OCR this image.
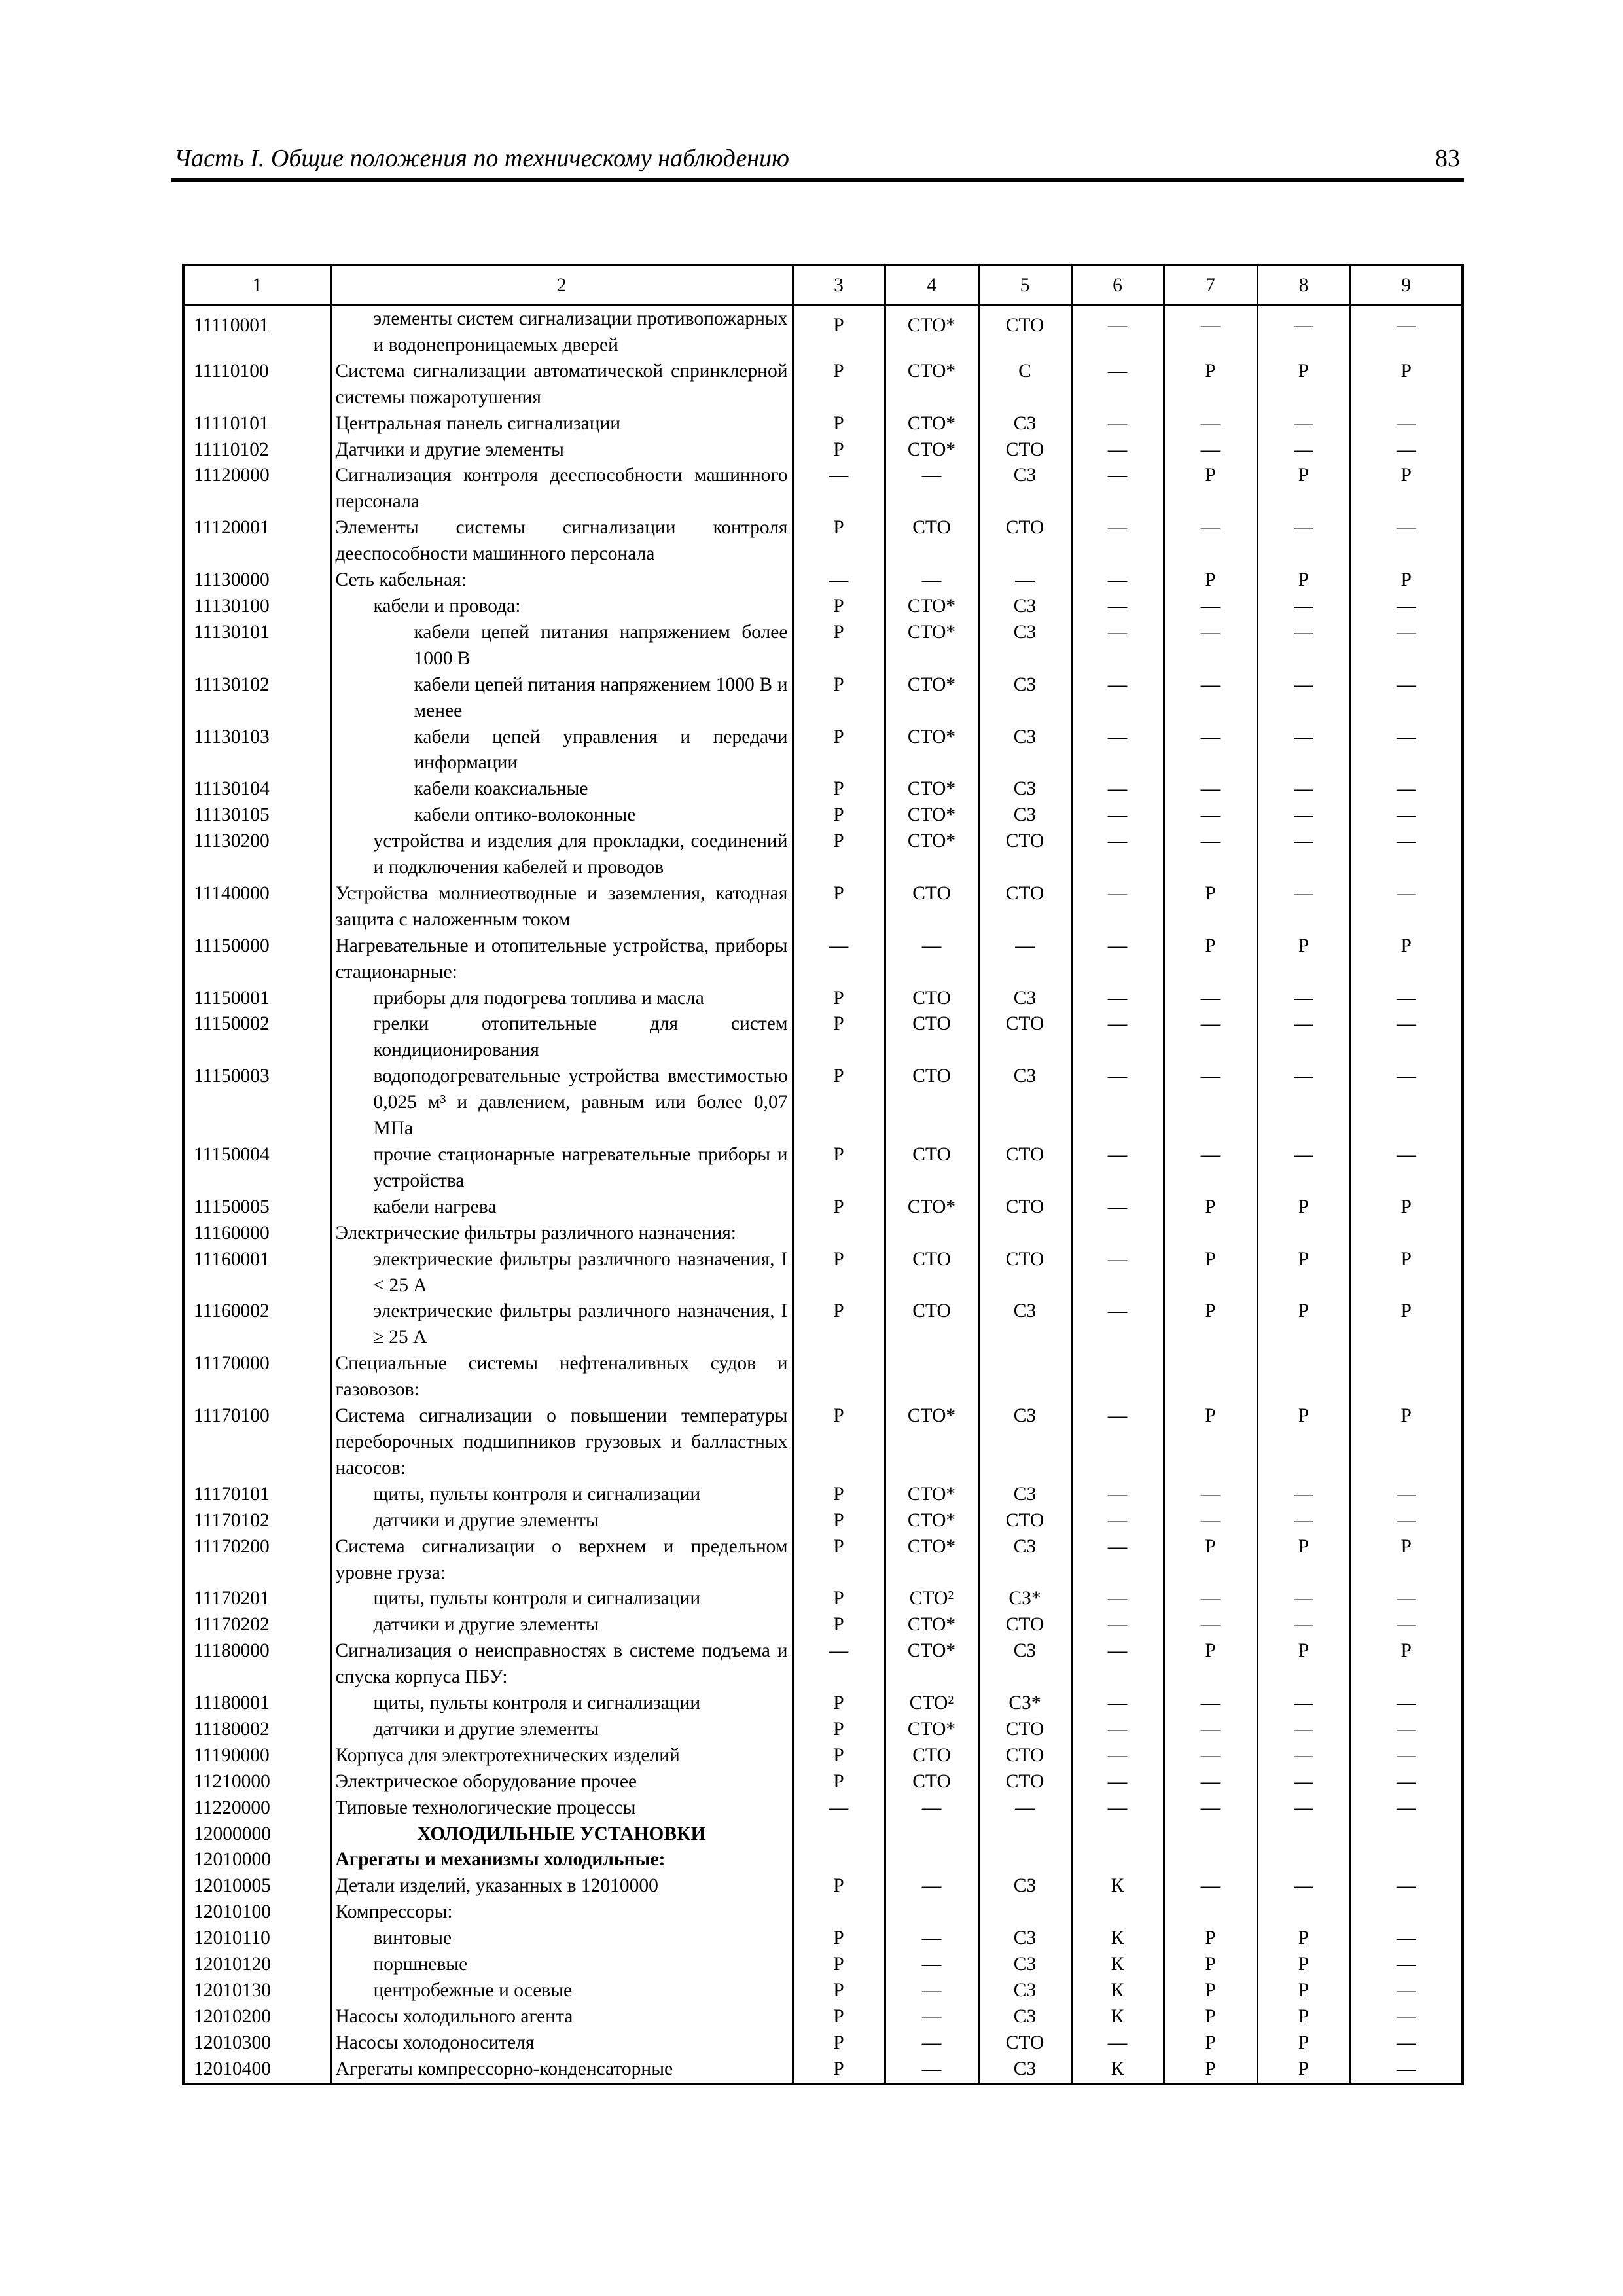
Часть I. Общие положения по техническому наблюдению	83
1	2	3	4	5	6	7	8	9
11110001	элементы систем сигнализации противопожарных и водонепроницаемых дверей	Р	СТО*	СТО	—	—	—	—
11110100	Система сигнализации автоматической спринклерной системы пожаротушения	Р	СТО*	С	—	Р	Р	Р
11110101	Центральная панель сигнализации	Р	СТО*	СЗ	—	—	—	—
11110102	Датчики и другие элементы	Р	СТО*	СТО	—	—	—	—
11120000	Сигнализация контроля дееспособности машинного персонала	—	—	СЗ	—	Р	Р	Р
11120001	Элементы системы сигнализации контроля дееспособности машинного персонала	Р	СТО	СТО	—	—	—	—
11130000	Сеть кабельная:	—	—	—	—	Р	Р	Р
11130100	кабели и провода:	Р	СТО*	СЗ	—	—	—	—
11130101	кабели цепей питания напряжением более 1000 В	Р	СТО*	СЗ	—	—	—	—
11130102	кабели цепей питания напряжением 1000 В и менее	Р	СТО*	СЗ	—	—	—	—
11130103	кабели цепей управления и передачи информации	Р	СТО*	СЗ	—	—	—	—
11130104	кабели коаксиальные	Р	СТО*	СЗ	—	—	—	—
11130105	кабели оптико-волоконные	Р	СТО*	СЗ	—	—	—	—
11130200	устройства и изделия для прокладки, соединений и подключения кабелей и проводов	Р	СТО*	СТО	—	—	—	—
11140000	Устройства молниеотводные и заземления, катодная защита с наложенным током	Р	СТО	СТО	—	Р	—	—
11150000	Нагревательные и отопительные устройства, приборы стационарные:	—	—	—	—	Р	Р	Р
11150001	приборы для подогрева топлива и масла	Р	СТО	СЗ	—	—	—	—
11150002	грелки отопительные для систем кондиционирования	Р	СТО	СТО	—	—	—	—
11150003	водоподогревательные устройства вместимостью 0,025 м³ и давлением, равным или более 0,07 МПа	Р	СТО	СЗ	—	—	—	—
11150004	прочие стационарные нагревательные приборы и устройства	Р	СТО	СТО	—	—	—	—
11150005	кабели нагрева	Р	СТО*	СТО	—	Р	Р	Р
11160000	Электрические фильтры различного назначения:							
11160001	электрические фильтры различного назначения, I < 25 А	Р	СТО	СТО	—	Р	Р	Р
11160002	электрические фильтры различного назначения, I ≥ 25 А	Р	СТО	СЗ	—	Р	Р	Р
11170000	Специальные системы нефтеналивных судов и газовозов:							
11170100	Система сигнализации о повышении температуры переборочных подшипников грузовых и балластных насосов:	Р	СТО*	СЗ	—	Р	Р	Р
11170101	щиты, пульты контроля и сигнализации	Р	СТО*	СЗ	—	—	—	—
11170102	датчики и другие элементы	Р	СТО*	СТО	—	—	—	—
11170200	Система сигнализации о верхнем и предельном уровне груза:	Р	СТО*	СЗ	—	Р	Р	Р
11170201	щиты, пульты контроля и сигнализации	Р	СТО²	СЗ*	—	—	—	—
11170202	датчики и другие элементы	Р	СТО*	СТО	—	—	—	—
11180000	Сигнализация о неисправностях в системе подъема и спуска корпуса ПБУ:	—	СТО*	СЗ	—	Р	Р	Р
11180001	щиты, пульты контроля и сигнализации	Р	СТО²	СЗ*	—	—	—	—
11180002	датчики и другие элементы	Р	СТО*	СТО	—	—	—	—
11190000	Корпуса для электротехнических изделий	Р	СТО	СТО	—	—	—	—
11210000	Электрическое оборудование прочее	Р	СТО	СТО	—	—	—	—
11220000	Типовые технологические процессы	—	—	—	—	—	—	—
12000000	ХОЛОДИЛЬНЫЕ УСТАНОВКИ							
12010000	Агрегаты и механизмы холодильные:							
12010005	Детали изделий, указанных в 12010000	Р	—	СЗ	К	—	—	—
12010100	Компрессоры:							
12010110	винтовые	Р	—	СЗ	К	Р	Р	—
12010120	поршневые	Р	—	СЗ	К	Р	Р	—
12010130	центробежные и осевые	Р	—	СЗ	К	Р	Р	—
12010200	Насосы холодильного агента	Р	—	СЗ	К	Р	Р	—
12010300	Насосы холодоносителя	Р	—	СТО	—	Р	Р	—
12010400	Агрегаты компрессорно-конденсаторные	Р	—	СЗ	К	Р	Р	—
